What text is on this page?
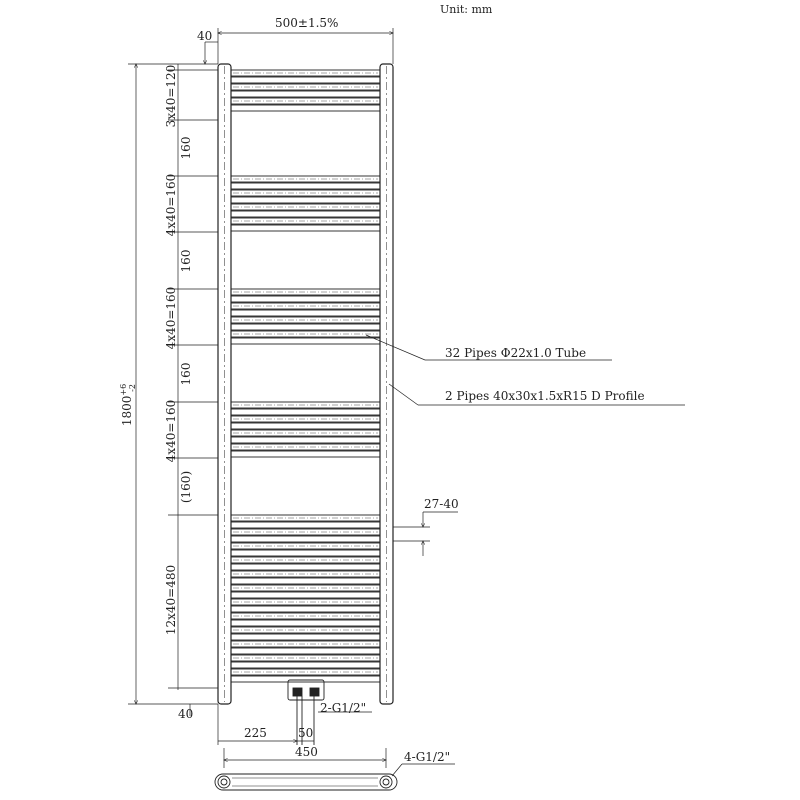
Unit: mm
500±1.5%
40
$1800^{+6}-2$
3x40=120
160
4x40=160
160
4x40=160
160
4x40=160
(160)
12x40=480
40	2-G1/2"
225	50
450	4-G1/2"
27-40
32 Pipes Φ22x1.0 Tube
2 Pipes 40x30x1.5xR15 D Profile
